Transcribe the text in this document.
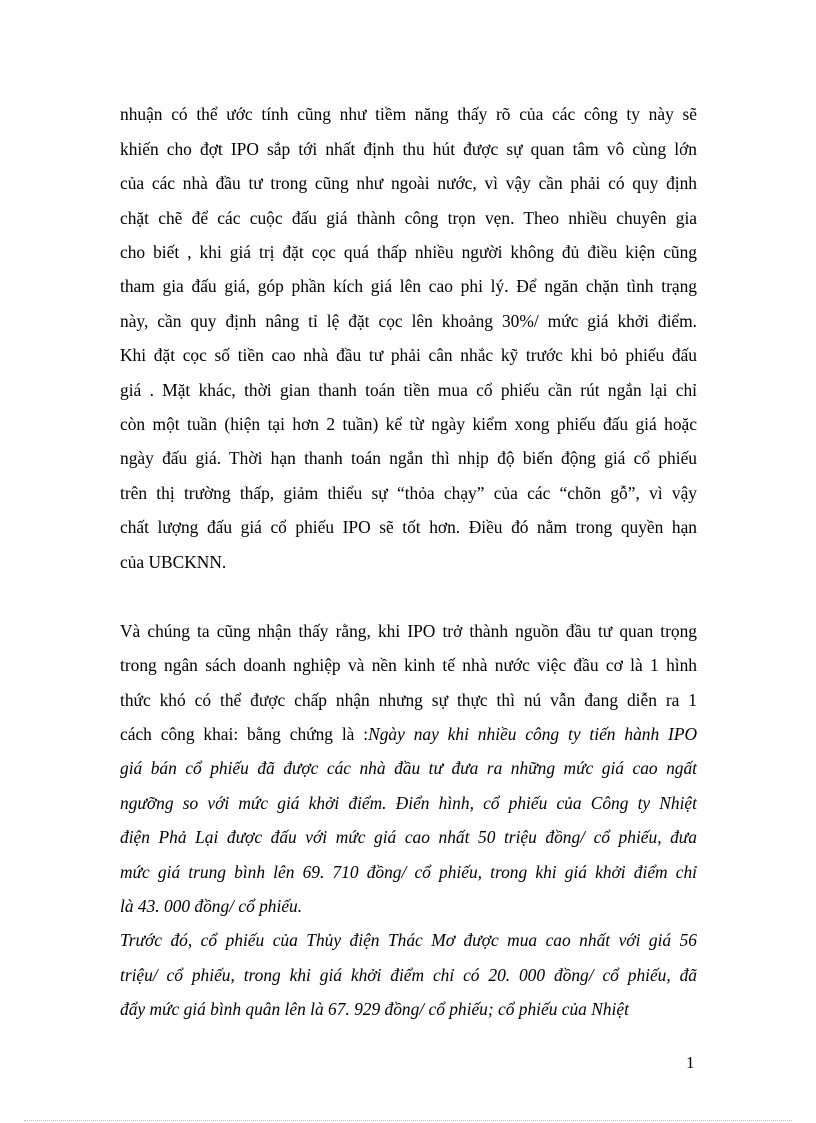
nhuận có thể ước tính cũng như tiềm năng thấy rõ của các công ty này sẽ
khiến cho đợt IPO sắp tới nhất định thu hút được sự quan tâm vô cùng lớn
của các nhà đầu tư trong cũng như ngoài nước, vì vậy cần phải có quy định
chặt chẽ để các cuộc đấu giá thành công trọn vẹn. Theo nhiều chuyên gia
cho biết , khi giá trị đặt cọc quá thấp nhiều người không đủ điều kiện cũng
tham gia đấu giá, góp phần kích giá lên cao phi lý. Để ngăn chặn tình trạng
này, cần quy định nâng tỉ lệ đặt cọc lên khoảng 30%/ mức giá khởi điểm.
Khi đặt cọc số tiền cao nhà đầu tư phải cân nhắc kỹ trước khi bỏ phiếu đấu
giá . Mặt khác, thời gian thanh toán tiền mua cổ phiếu cần rút ngắn lại chỉ
còn một tuần (hiện tại hơn 2 tuần) kể từ ngày kiểm xong phiếu đấu giá hoặc
ngày đấu giá. Thời hạn thanh toán ngắn thì nhịp độ biến động giá cổ phiếu
trên thị trường thấp, giảm thiểu sự “thỏa chạy” của các “chõn gỗ”, vì vậy
chất lượng đấu giá cổ phiếu IPO sẽ tốt hơn. Điều đó nằm trong quyền hạn
của UBCKNN.
Và chúng ta cũng nhận thấy rằng, khi IPO trở thành nguồn đầu tư quan trọng
trong ngân sách doanh nghiệp và nền kinh tế nhà nước việc đầu cơ là 1 hình
thức khó có thể được chấp nhận nhưng sự thực thì nú vẫn đang diễn ra 1
cách công khai: bằng chứng là :Ngày nay khi nhiều công ty tiến hành IPO
giá bán cổ phiếu đã được các nhà đầu tư đưa ra những mức giá cao ngất
ngưỡng so với mức giá khởi điểm. Điển hình, cổ phiếu của Công ty Nhiệt
điện Phả Lại được đấu với mức giá cao nhất 50 triệu đồng/ cổ phiếu, đưa
mức giá trung bình lên 69. 710 đồng/ cổ phiếu, trong khi giá khởi điểm chỉ
là 43. 000 đồng/ cổ phiếu.
Trước đó, cổ phiếu của Thủy điện Thác Mơ được mua cao nhất với giá 56
triệu/ cổ phiếu, trong khi giá khởi điểm chỉ có 20. 000 đồng/ cổ phiếu, đã
đẩy mức giá bình quân lên là 67. 929 đồng/ cổ phiếu; cổ phiếu của Nhiệt
1
